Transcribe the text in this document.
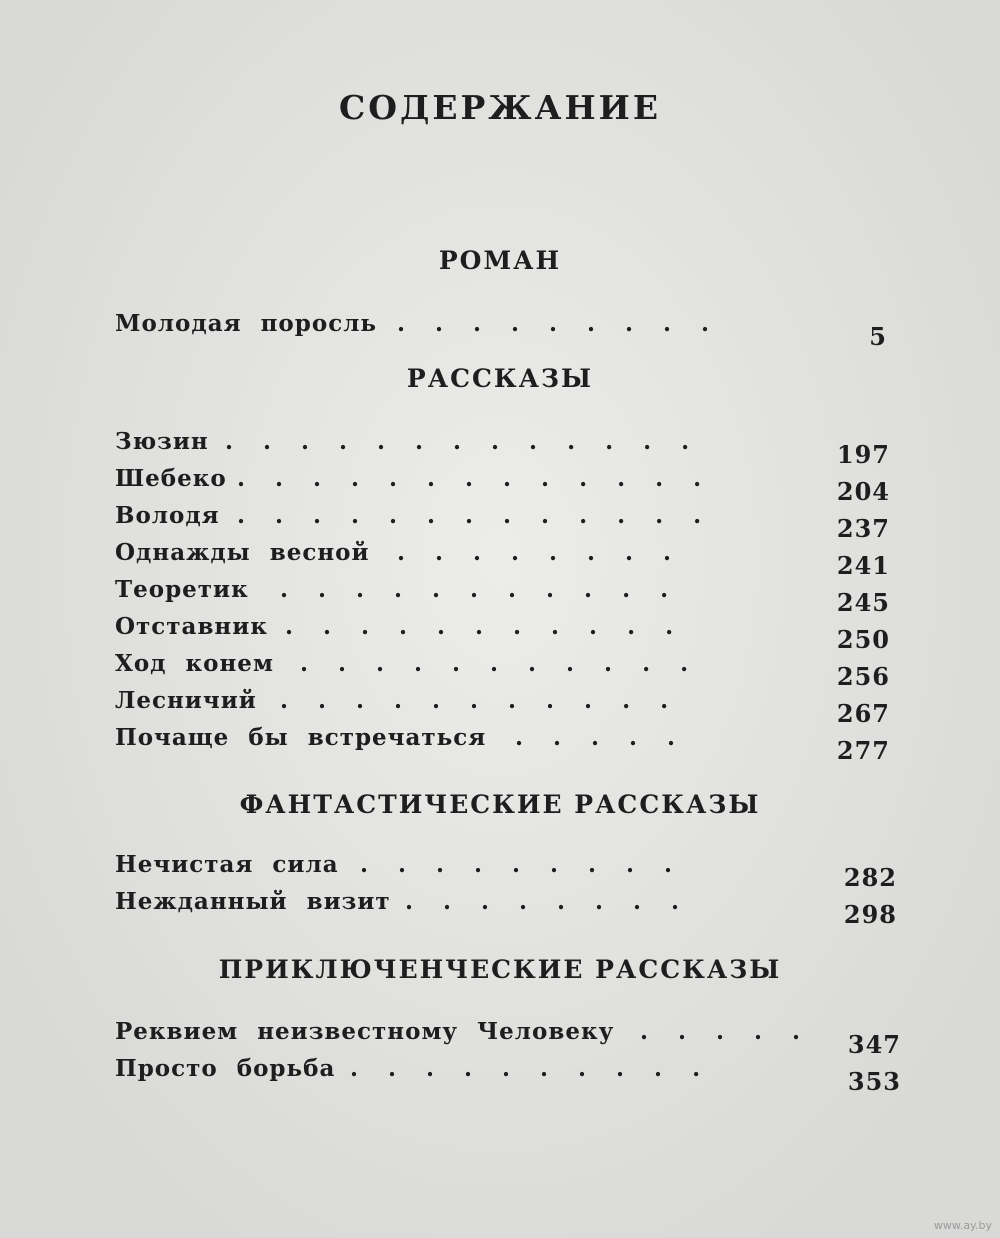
СОДЕРЖАНИЕ
РОМАН
Молодая поросль .........	5
РАССКАЗЫ
Зюзин .............	197
Шебеко .............	204
Володя .............	237
Однажды весной ........	241
Теоретик ...........	245
Отставник ...........	250
Ход конем ...........	256
Лесничий ...........	267
Почаще бы встречаться .....	277
ФАНТАСТИЧЕСКИЕ РАССКАЗЫ
Нечистая сила .........	282
Нежданный визит ........	298
ПРИКЛЮЧЕНЧЕСКИЕ РАССКАЗЫ
Реквием неизвестному Человеку ..... 347
Просто борьба ..........	353
www.ay.by
